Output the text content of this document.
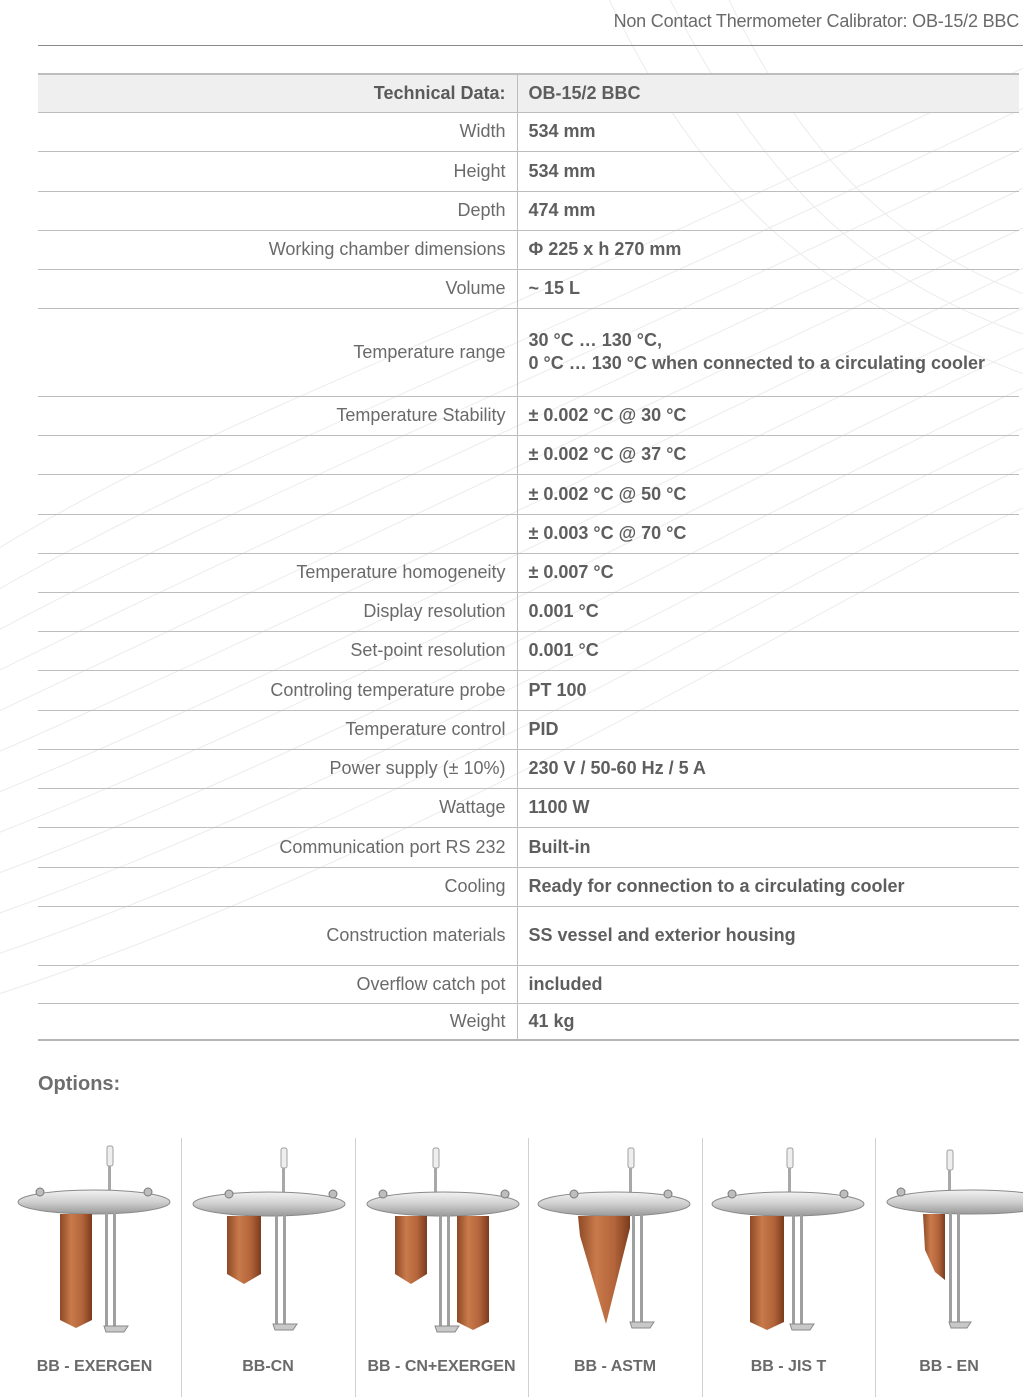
Non Contact Thermometer Calibrator: OB-15/2 BBC
Technical Data:	OB-15/2 BBC
Width	534 mm

Height	534 mm

Depth	474 mm

Working chamber dimensions	Φ 225 x h 270 mm

Volume	~ 15 L

Temperature range	30 °C … 130 °C,
0 °C … 130 °C when connected to a circulating cooler

Temperature Stability	± 0.002 °C @ 30 °C

	± 0.002 °C @ 37 °C

	± 0.002 °C @ 50 °C

	± 0.003 °C @ 70 °C

Temperature homogeneity	± 0.007 °C

Display resolution	0.001 °C

Set-point resolution	0.001 °C

Controling temperature probe	PT 100

Temperature control	PID

Power supply (± 10%)	230 V / 50-60 Hz / 5 A

Wattage	1100 W

Communication port RS 232	Built-in

Cooling	Ready for connection to a circulating cooler

Construction materials	SS vessel and exterior housing

Overflow catch pot	included

Weight	41 kg
Options:
BB - EXERGEN	BB-CN	BB - CN+EXERGEN	BB - ASTM	BB - JIS T	BB - EN
